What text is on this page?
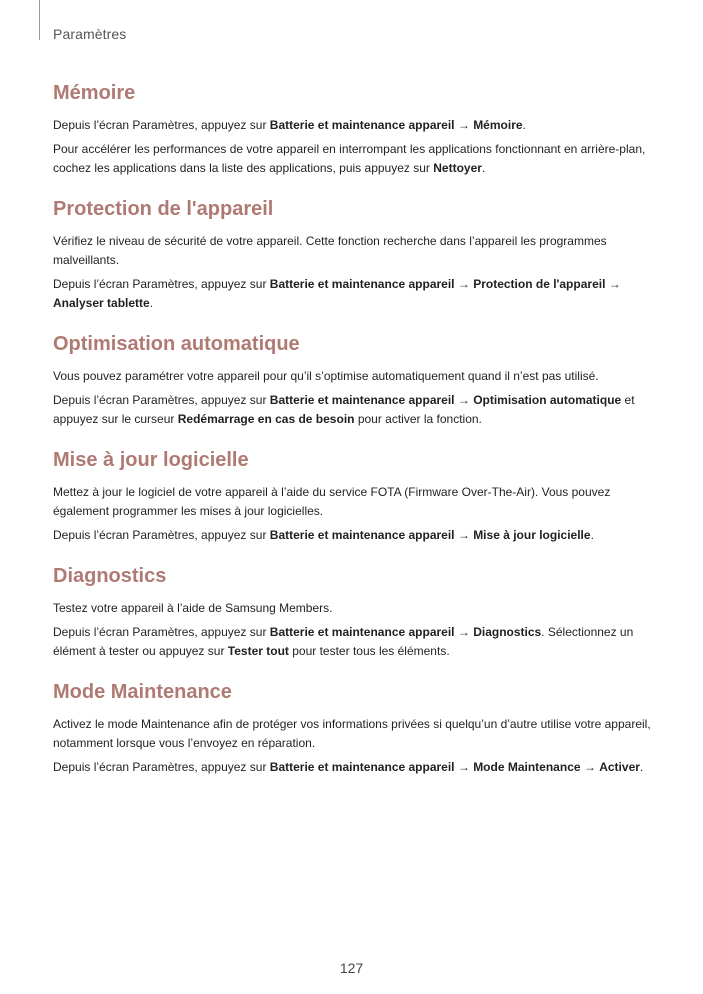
Paramètres
Mémoire

Depuis l’écran Paramètres, appuyez sur Batterie et maintenance appareil → Mémoire.

Pour accélérer les performances de votre appareil en interrompant les applications fonctionnant en arrière-plan, cochez les applications dans la liste des applications, puis appuyez sur Nettoyer.

Protection de l'appareil

Vérifiez le niveau de sécurité de votre appareil. Cette fonction recherche dans l’appareil les programmes malveillants.

Depuis l’écran Paramètres, appuyez sur Batterie et maintenance appareil → Protection de l'appareil → Analyser tablette.

Optimisation automatique

Vous pouvez paramétrer votre appareil pour qu’il s’optimise automatiquement quand il n’est pas utilisé.

Depuis l’écran Paramètres, appuyez sur Batterie et maintenance appareil → Optimisation automatique et appuyez sur le curseur Redémarrage en cas de besoin pour activer la fonction.

Mise à jour logicielle

Mettez à jour le logiciel de votre appareil à l’aide du service FOTA (Firmware Over-The-Air). Vous pouvez également programmer les mises à jour logicielles.

Depuis l’écran Paramètres, appuyez sur Batterie et maintenance appareil → Mise à jour logicielle.

Diagnostics

Testez votre appareil à l’aide de Samsung Members.

Depuis l’écran Paramètres, appuyez sur Batterie et maintenance appareil → Diagnostics. Sélectionnez un élément à tester ou appuyez sur Tester tout pour tester tous les éléments.

Mode Maintenance

Activez le mode Maintenance afin de protéger vos informations privées si quelqu’un d’autre utilise votre appareil, notamment lorsque vous l’envoyez en réparation.

Depuis l’écran Paramètres, appuyez sur Batterie et maintenance appareil → Mode Maintenance → Activer.

127
